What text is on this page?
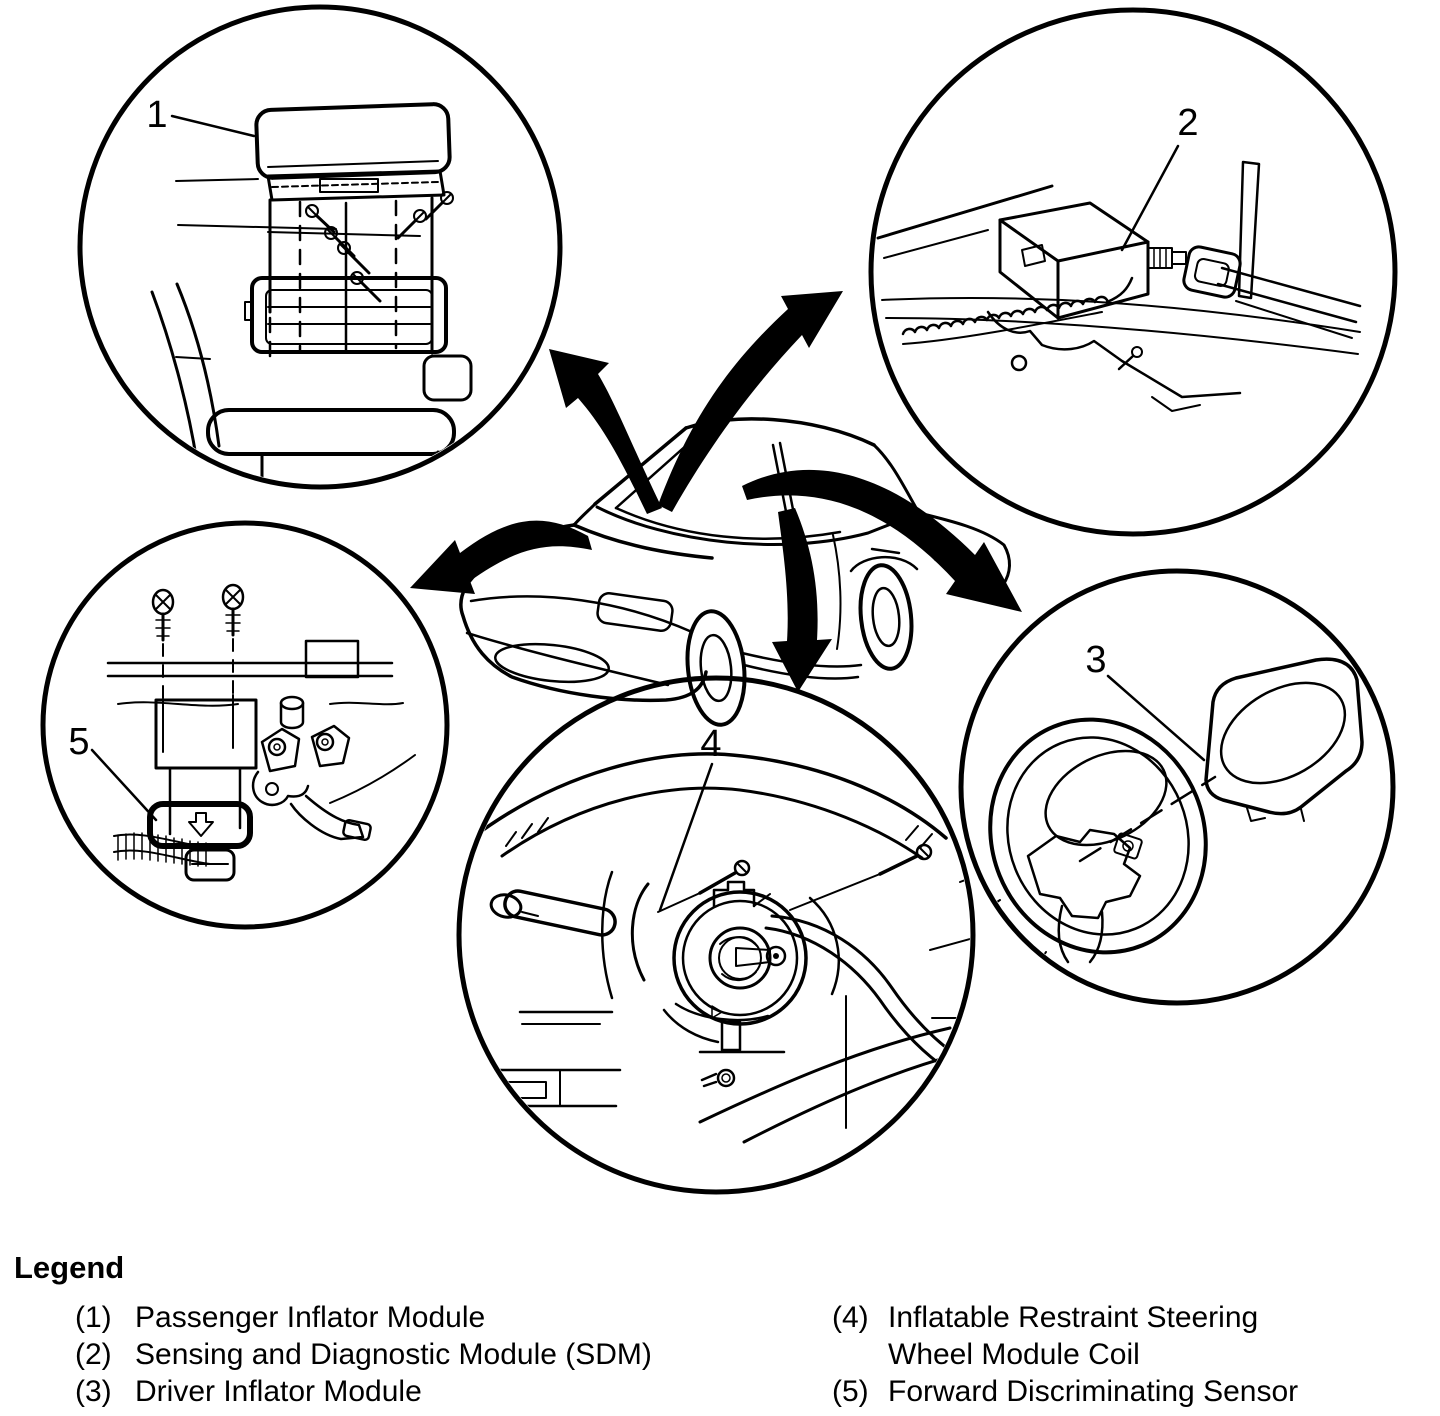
1	2
5	4
3
Legend
(1) Passenger Inflator Module
(2) Sensing and Diagnostic Module (SDM)
(3) Driver Inflator Module
(4) Inflatable Restraint Steering Wheel Module Coil
(5) Forward Discriminating Sensor
